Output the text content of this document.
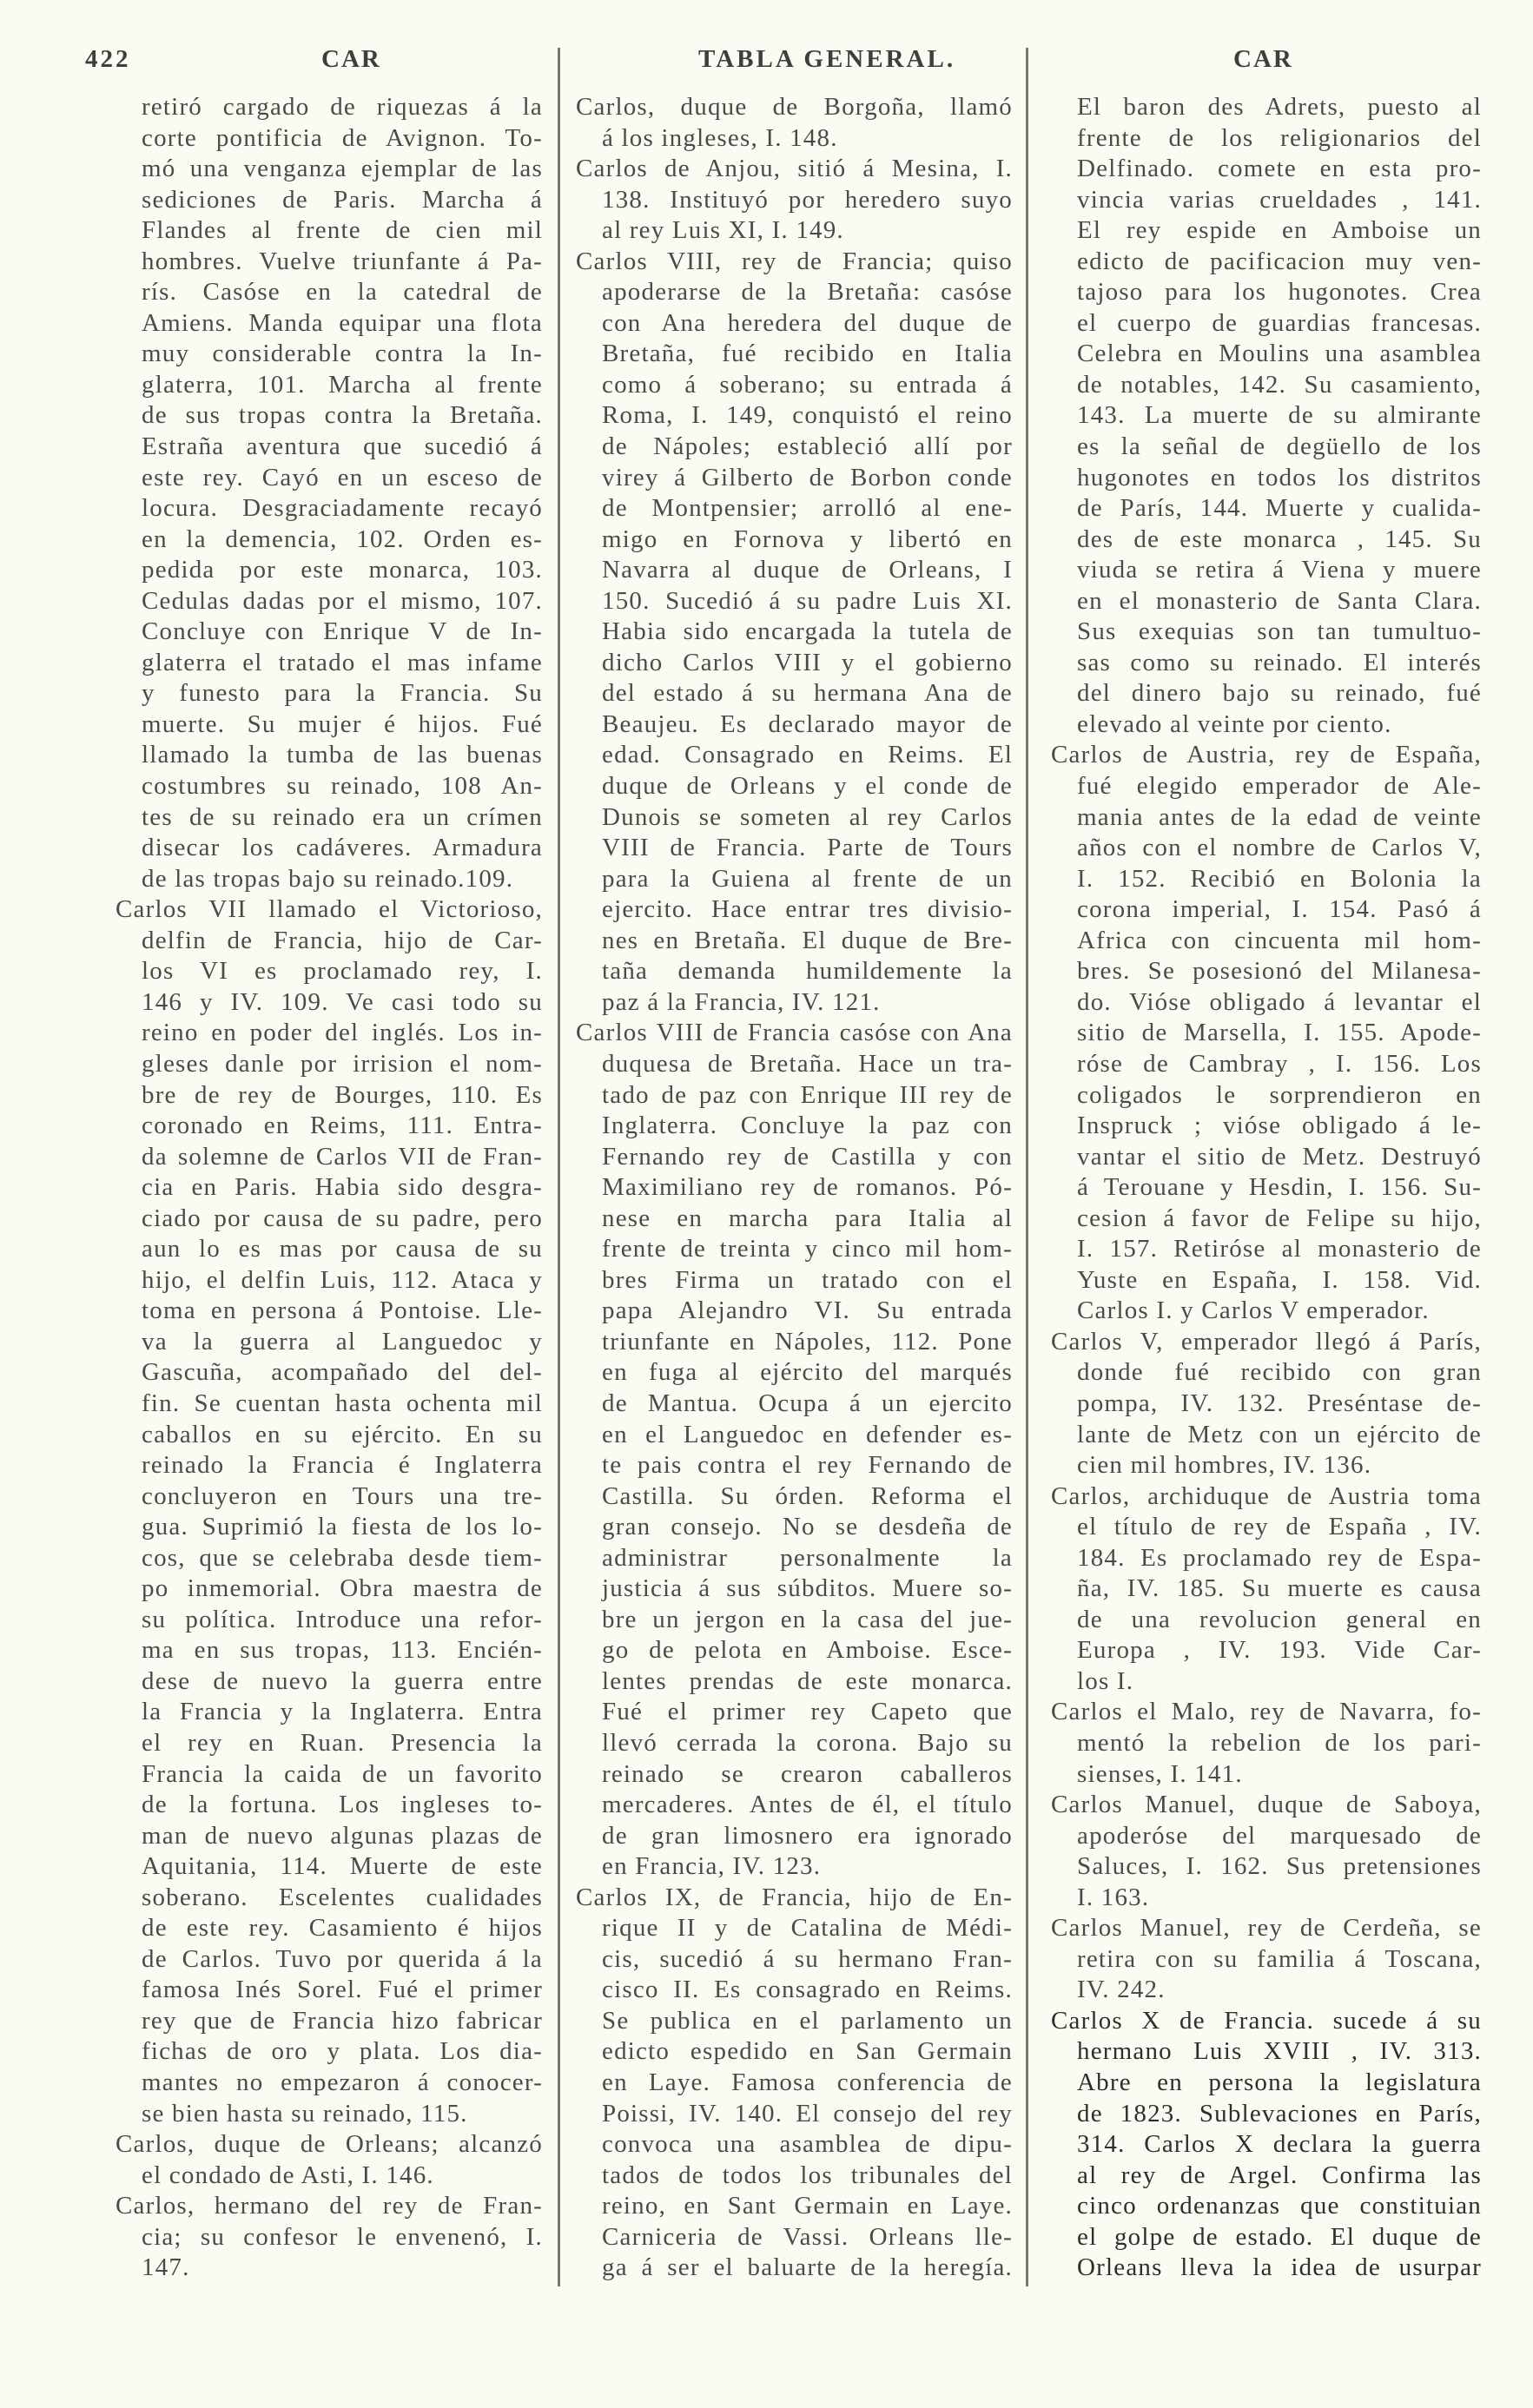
422	CAR	TABLA GENERAL.	CAR
retiró cargado de riquezas á la
corte pontificia de Avignon. To-
mó una venganza ejemplar de las
sediciones de Paris. Marcha á
Flandes al frente de cien mil
hombres. Vuelve triunfante á Pa-
rís. Casóse en la catedral de
Amiens. Manda equipar una flota
muy considerable contra la In-
glaterra, 101. Marcha al frente
de sus tropas contra la Bretaña.
Estraña aventura que sucedió á
este rey. Cayó en un esceso de
locura. Desgraciadamente recayó
en la demencia, 102. Orden es-
pedida por este monarca, 103.
Cedulas dadas por el mismo, 107.
Concluye con Enrique V de In-
glaterra el tratado el mas infame
y funesto para la Francia. Su
muerte. Su mujer é hijos. Fué
llamado la tumba de las buenas
costumbres su reinado, 108 An-
tes de su reinado era un crímen
disecar los cadáveres. Armadura
de las tropas bajo su reinado.109.
Carlos VII llamado el Victorioso,
delfin de Francia, hijo de Car-
los VI es proclamado rey, I.
146 y IV. 109. Ve casi todo su
reino en poder del inglés. Los in-
gleses danle por irrision el nom-
bre de rey de Bourges, 110. Es
coronado en Reims, 111. Entra-
da solemne de Carlos VII de Fran-
cia en Paris. Habia sido desgra-
ciado por causa de su padre, pero
aun lo es mas por causa de su
hijo, el delfin Luis, 112. Ataca y
toma en persona á Pontoise. Lle-
va la guerra al Languedoc y
Gascuña, acompañado del del-
fin. Se cuentan hasta ochenta mil
caballos en su ejército. En su
reinado la Francia é Inglaterra
concluyeron en Tours una tre-
gua. Suprimió la fiesta de los lo-
cos, que se celebraba desde tiem-
po inmemorial. Obra maestra de
su política. Introduce una refor-
ma en sus tropas, 113. Encién-
dese de nuevo la guerra entre
la Francia y la Inglaterra. Entra
el rey en Ruan. Presencia la
Francia la caida de un favorito
de la fortuna. Los ingleses to-
man de nuevo algunas plazas de
Aquitania, 114. Muerte de este
soberano. Escelentes cualidades
de este rey. Casamiento é hijos
de Carlos. Tuvo por querida á la
famosa Inés Sorel. Fué el primer
rey que de Francia hizo fabricar
fichas de oro y plata. Los dia-
mantes no empezaron á conocer-
se bien hasta su reinado, 115.
Carlos, duque de Orleans; alcanzó
el condado de Asti, I. 146.
Carlos, hermano del rey de Fran-
cia; su confesor le envenenó, I.
147.
Carlos, duque de Borgoña, llamó
á los ingleses, I. 148.
Carlos de Anjou, sitió á Mesina, I.
138. Instituyó por heredero suyo
al rey Luis XI, I. 149.
Carlos VIII, rey de Francia; quiso
apoderarse de la Bretaña: casóse
con Ana heredera del duque de
Bretaña, fué recibido en Italia
como á soberano; su entrada á
Roma, I. 149, conquistó el reino
de Nápoles; estableció allí por
virey á Gilberto de Borbon conde
de Montpensier; arrolló al ene-
migo en Fornova y libertó en
Navarra al duque de Orleans, I
150. Sucedió á su padre Luis XI.
Habia sido encargada la tutela de
dicho Carlos VIII y el gobierno
del estado á su hermana Ana de
Beaujeu. Es declarado mayor de
edad. Consagrado en Reims. El
duque de Orleans y el conde de
Dunois se someten al rey Carlos
VIII de Francia. Parte de Tours
para la Guiena al frente de un
ejercito. Hace entrar tres divisio-
nes en Bretaña. El duque de Bre-
taña demanda humildemente la
paz á la Francia, IV. 121.
Carlos VIII de Francia casóse con Ana
duquesa de Bretaña. Hace un tra-
tado de paz con Enrique III rey de
Inglaterra. Concluye la paz con
Fernando rey de Castilla y con
Maximiliano rey de romanos. Pó-
nese en marcha para Italia al
frente de treinta y cinco mil hom-
bres Firma un tratado con el
papa Alejandro VI. Su entrada
triunfante en Nápoles, 112. Pone
en fuga al ejército del marqués
de Mantua. Ocupa á un ejercito
en el Languedoc en defender es-
te pais contra el rey Fernando de
Castilla. Su órden. Reforma el
gran consejo. No se desdeña de
administrar personalmente la
justicia á sus súbditos. Muere so-
bre un jergon en la casa del jue-
go de pelota en Amboise. Esce-
lentes prendas de este monarca.
Fué el primer rey Capeto que
llevó cerrada la corona. Bajo su
reinado se crearon caballeros
mercaderes. Antes de él, el título
de gran limosnero era ignorado
en Francia, IV. 123.
Carlos IX, de Francia, hijo de En-
rique II y de Catalina de Médi-
cis, sucedió á su hermano Fran-
cisco II. Es consagrado en Reims.
Se publica en el parlamento un
edicto espedido en San Germain
en Laye. Famosa conferencia de
Poissi, IV. 140. El consejo del rey
convoca una asamblea de dipu-
tados de todos los tribunales del
reino, en Sant Germain en Laye.
Carniceria de Vassi. Orleans lle-
ga á ser el baluarte de la heregía.
El baron des Adrets, puesto al
frente de los religionarios del
Delfinado. comete en esta pro-
vincia varias crueldades , 141.
El rey espide en Amboise un
edicto de pacificacion muy ven-
tajoso para los hugonotes. Crea
el cuerpo de guardias francesas.
Celebra en Moulins una asamblea
de notables, 142. Su casamiento,
143. La muerte de su almirante
es la señal de degüello de los
hugonotes en todos los distritos
de París, 144. Muerte y cualida-
des de este monarca , 145. Su
viuda se retira á Viena y muere
en el monasterio de Santa Clara.
Sus exequias son tan tumultuo-
sas como su reinado. El interés
del dinero bajo su reinado, fué
elevado al veinte por ciento.
Carlos de Austria, rey de España,
fué elegido emperador de Ale-
mania antes de la edad de veinte
años con el nombre de Carlos V,
I. 152. Recibió en Bolonia la
corona imperial, I. 154. Pasó á
Africa con cincuenta mil hom-
bres. Se posesionó del Milanesa-
do. Vióse obligado á levantar el
sitio de Marsella, I. 155. Apode-
róse de Cambray , I. 156. Los
coligados le sorprendieron en
Inspruck ; vióse obligado á le-
vantar el sitio de Metz. Destruyó
á Terouane y Hesdin, I. 156. Su-
cesion á favor de Felipe su hijo,
I. 157. Retiróse al monasterio de
Yuste en España, I. 158. Vid.
Carlos I. y Carlos V emperador.
Carlos V, emperador llegó á París,
donde fué recibido con gran
pompa, IV. 132. Preséntase de-
lante de Metz con un ejército de
cien mil hombres, IV. 136.
Carlos, archiduque de Austria toma
el título de rey de España , IV.
184. Es proclamado rey de Espa-
ña, IV. 185. Su muerte es causa
de una revolucion general en
Europa , IV. 193. Vide Car-
los I.
Carlos el Malo, rey de Navarra, fo-
mentó la rebelion de los pari-
sienses, I. 141.
Carlos Manuel, duque de Saboya,
apoderóse del marquesado de
Saluces, I. 162. Sus pretensiones
I. 163.
Carlos Manuel, rey de Cerdeña, se
retira con su familia á Toscana,
IV. 242.
Carlos X de Francia. sucede á su
hermano Luis XVIII , IV. 313.
Abre en persona la legislatura
de 1823. Sublevaciones en París,
314. Carlos X declara la guerra
al rey de Argel. Confirma las
cinco ordenanzas que constituian
el golpe de estado. El duque de
Orleans lleva la idea de usurpar
